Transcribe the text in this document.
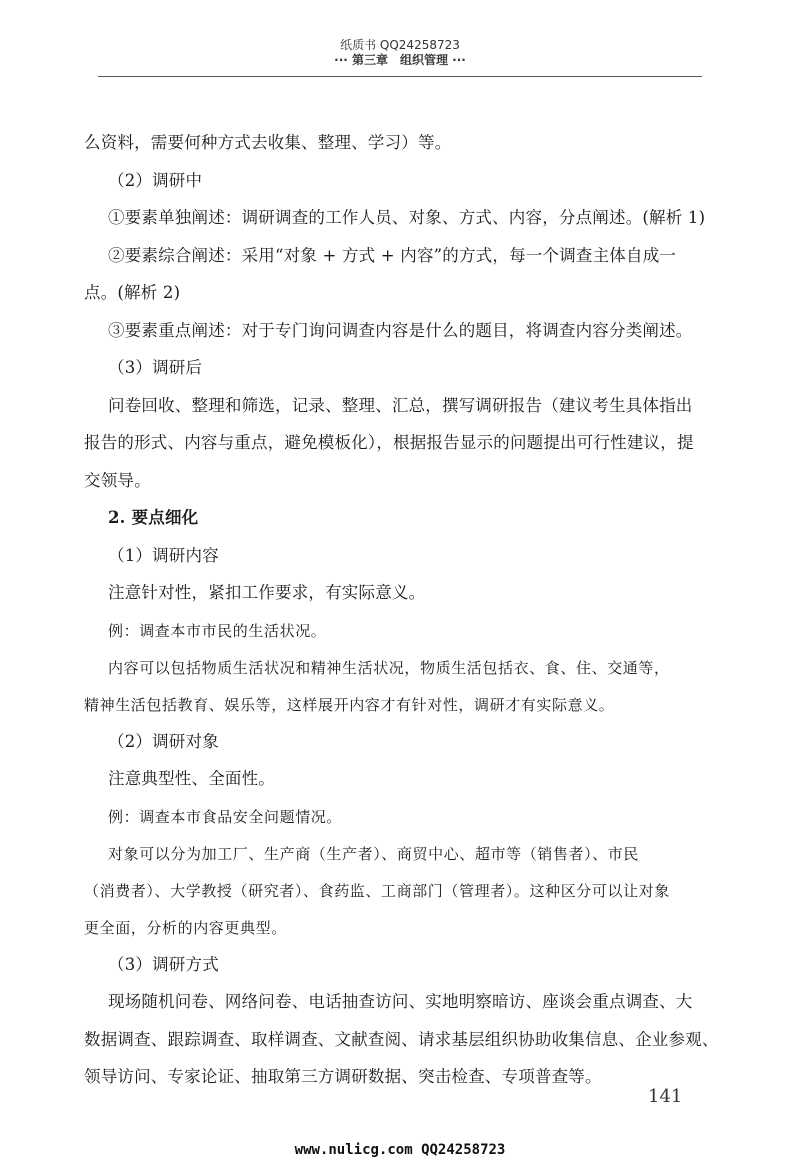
纸质书 QQ24258723
··· 第三章　组织管理 ···

么资料，需要何种方式去收集、整理、学习）等。

（2）调研中

①要素单独阐述：调研调查的工作人员、对象、方式、内容，分点阐述。(解析 1)

②要素综合阐述：采用“对象 + 方式 + 内容”的方式，每一个调查主体自成一

点。(解析 2)

③要素重点阐述：对于专门询问调查内容是什么的题目，将调查内容分类阐述。

（3）调研后

问卷回收、整理和筛选，记录、整理、汇总，撰写调研报告（建议考生具体指出

报告的形式、内容与重点，避免模板化），根据报告显示的问题提出可行性建议，提

交领导。

2. 要点细化

（1）调研内容

注意针对性，紧扣工作要求，有实际意义。

例：调查本市市民的生活状况。

内容可以包括物质生活状况和精神生活状况，物质生活包括衣、食、住、交通等，

精神生活包括教育、娱乐等，这样展开内容才有针对性，调研才有实际意义。

（2）调研对象

注意典型性、全面性。

例：调查本市食品安全问题情况。

对象可以分为加工厂、生产商（生产者）、商贸中心、超市等（销售者）、市民

（消费者）、大学教授（研究者）、食药监、工商部门（管理者）。这种区分可以让对象

更全面，分析的内容更典型。

（3）调研方式

现场随机问卷、网络问卷、电话抽查访问、实地明察暗访、座谈会重点调查、大

数据调查、跟踪调查、取样调查、文献查阅、请求基层组织协助收集信息、企业参观、

领导访问、专家论证、抽取第三方调研数据、突击检查、专项普查等。

141
www.nulicg.com QQ24258723
